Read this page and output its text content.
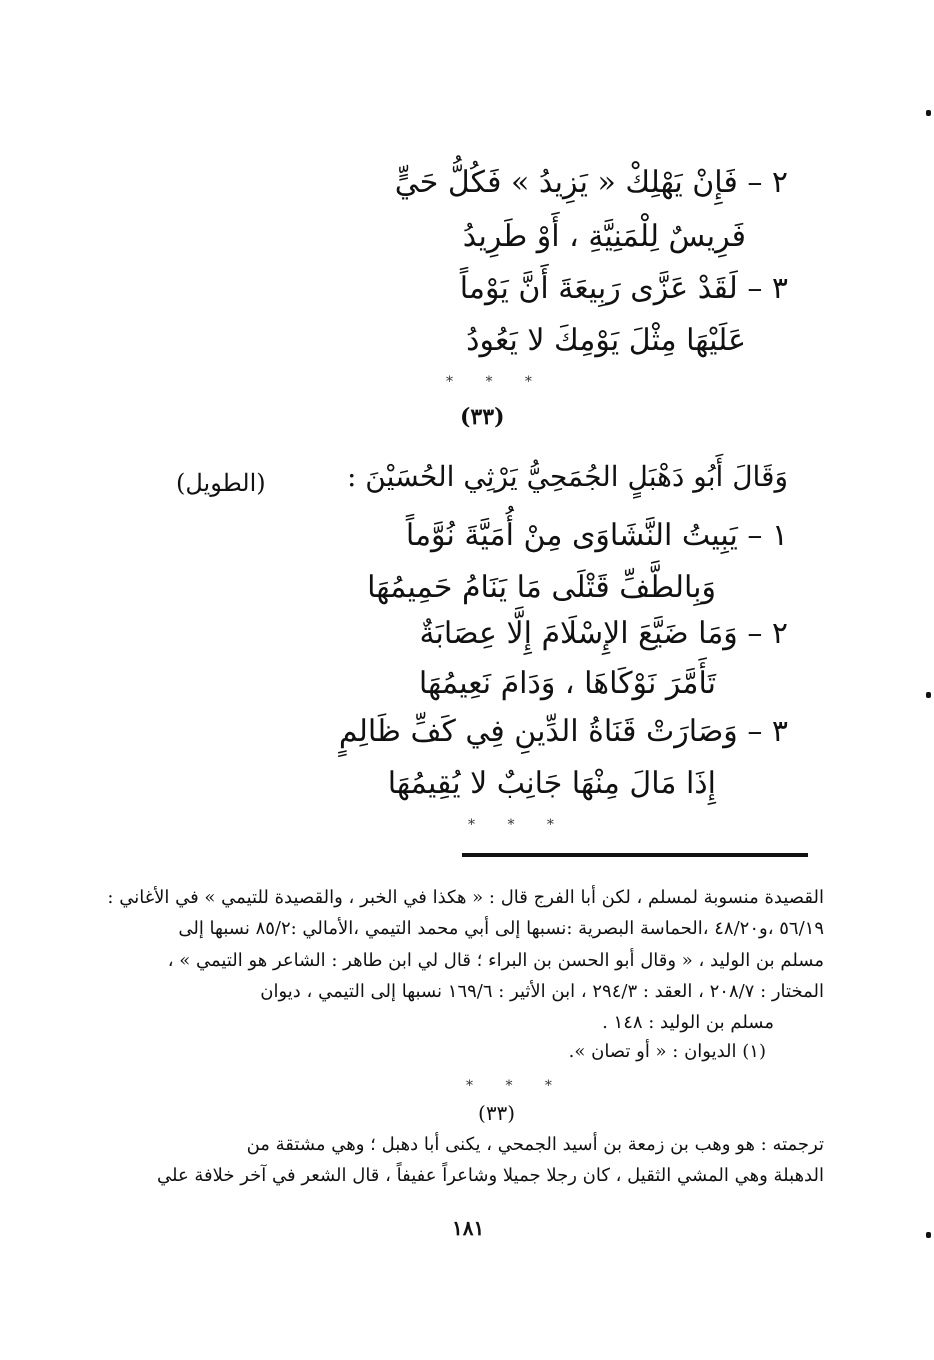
٢ – فَإِنْ يَهْلِكْ « يَزِيدُ » فَكُلُّ حَيٍّ
فَرِيسٌ لِلْمَنِيَّةِ ، أَوْ طَرِيدُ
٣ – لَقَدْ عَزَّى رَبِيعَةَ أَنَّ يَوْماً
عَلَيْهَا مِثْلَ يَوْمِكَ لا يَعُودُ
* * *
(٣٣)
وَقَالَ أَبُو دَهْبَلٍ الجُمَحِيُّ يَرْثِي الحُسَيْنَ :
(الطويل)
١ – يَبِيتُ النَّشَاوَى مِنْ أُمَيَّةَ نُوَّماً
وَبِالطَّفِّ قَتْلَى مَا يَنَامُ حَمِيمُهَا
٢ – وَمَا ضَيَّعَ الإِسْلَامَ إِلَّا عِصَابَةٌ
تَأَمَّرَ نَوْكَاهَا ، وَدَامَ نَعِيمُهَا
٣ – وَصَارَتْ قَنَاةُ الدِّينِ فِي كَفِّ ظَالِمٍ
إِذَا مَالَ مِنْهَا جَانِبٌ لا يُقِيمُهَا
* * *
القصيدة منسوبة لمسلم ، لكن أبا الفرج قال : « هكذا في الخبر ، والقصيدة للتيمي » في الأغاني :
٥٦/١٩ ،و٤٨/٢٠ ،الحماسة البصرية :نسبها إلى أبي محمد التيمي ،الأمالي :٨٥/٢ نسبها إلى
مسلم بن الوليد ، « وقال أبو الحسن بن البراء ؛ قال لي ابن طاهر : الشاعر هو التيمي » ،
المختار : ٢٠٨/٧ ، العقد : ٢٩٤/٣ ، ابن الأثير : ١٦٩/٦ نسبها إلى التيمي ، ديوان
مسلم بن الوليد : ١٤٨ .
(١) الديوان : « أو تصان ».
* * *
(٣٣)
ترجمته : هو وهب بن زمعة بن أسيد الجمحي ، يكنى أبا دهبل ؛ وهي مشتقة من
الدهبلة وهي المشي الثقيل ، كان رجلا جميلا وشاعراً عفيفاً ، قال الشعر في آخر خلافة علي
١٨١
